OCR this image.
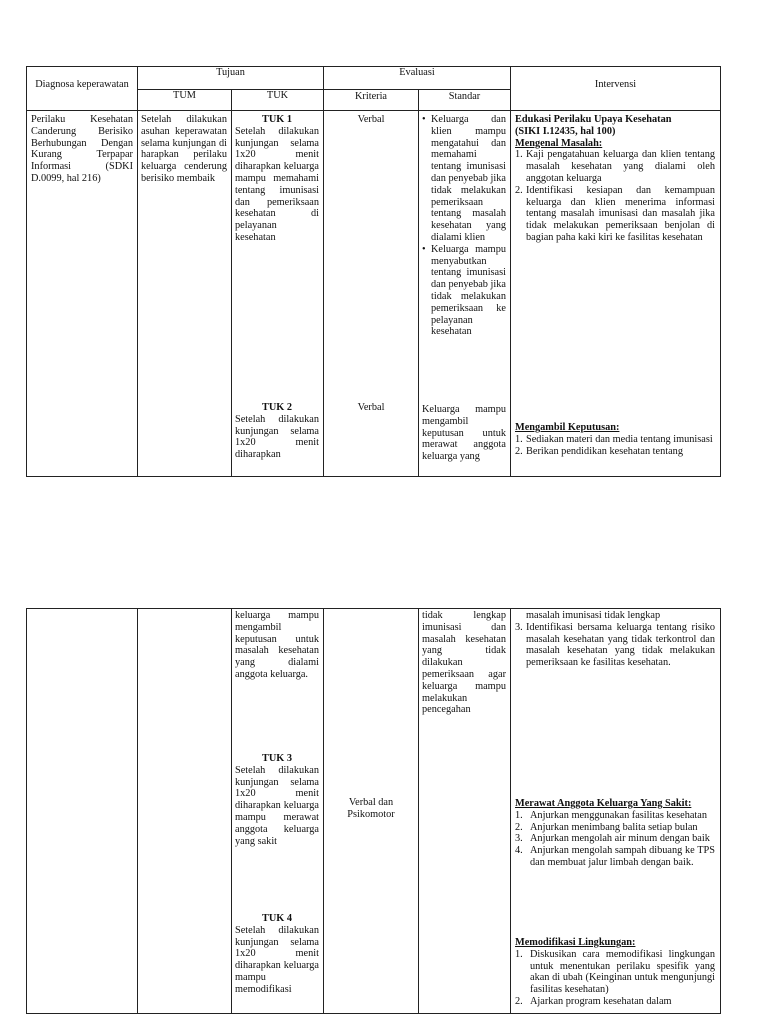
Diagnosa keperawatan
Tujuan	Evaluasi
Intervensi
TUM	TUK	Kriteria	Standar
Perilaku Kesehatan Canderung Berisiko Berhubungan Dengan Kurang Terpapar Informasi (SDKI D.0099, hal 216)
Setelah dilakukan asuhan keperawatan selama kunjungan di harapkan perilaku keluarga cenderung berisiko membaik
TUK 1
Setelah dilakukan kunjungan selama 1x20 menit diharapkan keluarga mampu memahami tentang imunisasi dan pemeriksaan kesehatan di pelayanan kesehatan
Verbal
•	Keluarga dan klien mampu mengatahui dan memahami tentang imunisasi dan penyebab jika tidak melakukan pemeriksaan tentang masalah kesehatan yang dialami klien
• Keluarga mampu menyabutkan tentang imunisasi dan penyebab jika tidak melakukan pemeriksaan ke pelayanan kesehatan
Edukasi Perilaku Upaya Kesehatan
(SIKI I.12435, hal 100)
Mengenal Masalah:
1. Kaji pengatahuan keluarga dan klien tentang masalah kesehatan yang dialami oleh anggotan keluarga
2. Identifikasi kesiapan dan kemampuan keluarga dan klien menerima informasi tentang masalah imunisasi dan masalah jika tidak melakukan pemeriksaan benjolan di bagian paha kaki kiri ke fasilitas kesehatan
TUK 2
Setelah dilakukan kunjungan selama 1x20 menit diharapkan
Verbal	Keluarga mampu mengambil keputusan untuk merawat anggota keluarga yang
Mengambil Keputusan:
1. Sediakan materi dan media tentang imunisasi
2. Berikan pendidikan kesehatan tentang
keluarga mampu mengambil keputusan untuk masalah kesehatan yang dialami anggota keluarga.
tidak lengkap imunisasi dan masalah kesehatan yang tidak dilakukan pemeriksaan agar keluarga mampu melakukan pencegahan
masalah imunisasi tidak lengkap
3. Identifikasi bersama keluarga tentang risiko masalah kesehatan yang tidak terkontrol dan masalah kesehatan yang tidak melakukan pemeriksaan ke fasilitas kesehatan.
TUK 3
Setelah dilakukan kunjungan selama 1x20 menit diharapkan keluarga mampu merawat anggota keluarga yang sakit
Verbal dan Psikomotor
Merawat Anggota Keluarga Yang Sakit:
1. Anjurkan menggunakan fasilitas kesehatan
2. Anjurkan menimbang balita setiap bulan
3. Anjurkan mengolah air minum dengan baik
4. Anjurkan mengolah sampah dibuang ke TPS dan membuat jalur limbah dengan baik.
TUK 4
Setelah dilakukan kunjungan selama 1x20 menit diharapkan keluarga mampu memodifikasi
Memodifikasi Lingkungan:
1. Diskusikan cara memodifikasi lingkungan untuk menentukan perilaku spesifik yang akan di ubah (Keinginan untuk mengunjungi fasilitas kesehatan)
2. Ajarkan program kesehatan dalam
